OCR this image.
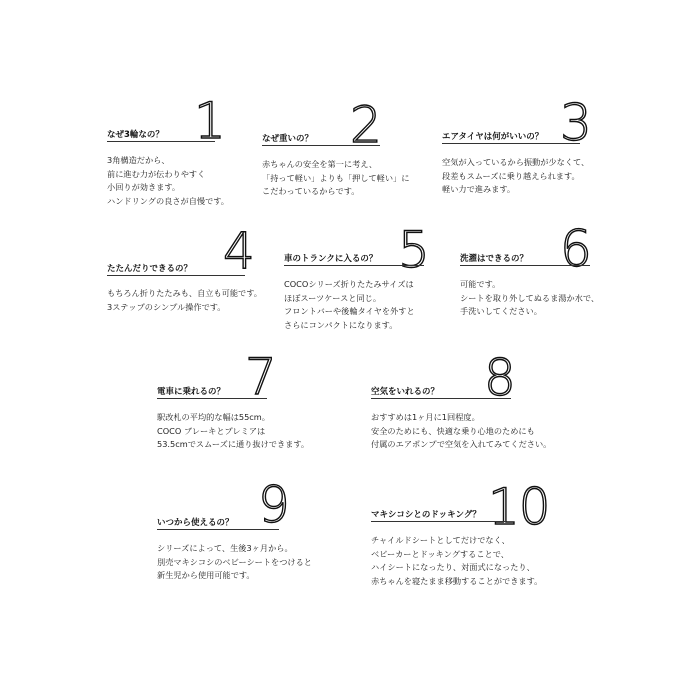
1
なぜ3輪なの？
3角構造だから、
前に進む力が伝わりやすく
小回りが効きます。
ハンドリングの良さが自慢です。
2
なぜ重いの？
赤ちゃんの安全を第一に考え、
「持って軽い」よりも「押して軽い」に
こだわっているからです。
3
エアタイヤは何がいいの？
空気が入っているから振動が少なくて、
段差もスムーズに乗り越えられます。
軽い力で進みます。
4
たたんだりできるの？
もちろん折りたたみも、自立も可能です。
3ステップのシンプル操作です。
5
車のトランクに入るの？
COCOシリーズ折りたたみサイズは
ほぼスーツケースと同じ。
フロントバーや後輪タイヤを外すと
さらにコンパクトになります。
6
洗濯はできるの？
可能です。
シートを取り外してぬるま湯か水で、
手洗いしてください。
7
電車に乗れるの？
駅改札の平均的な幅は55cm。
COCO ブレーキとプレミアは
53.5cmでスムーズに通り抜けできます。
8
空気をいれるの？
おすすめは1ヶ月に1回程度。
安全のためにも、快適な乗り心地のためにも
付属のエアポンプで空気を入れてみてください。
9
いつから使えるの？
シリーズによって、生後3ヶ月から。
別売マキシコシのベビーシートをつけると
新生児から使用可能です。
10
マキシコシとのドッキング？
チャイルドシートとしてだけでなく、
ベビーカーとドッキングすることで、
ハイシートになったり、対面式になったり、
赤ちゃんを寝たまま移動することができます。
